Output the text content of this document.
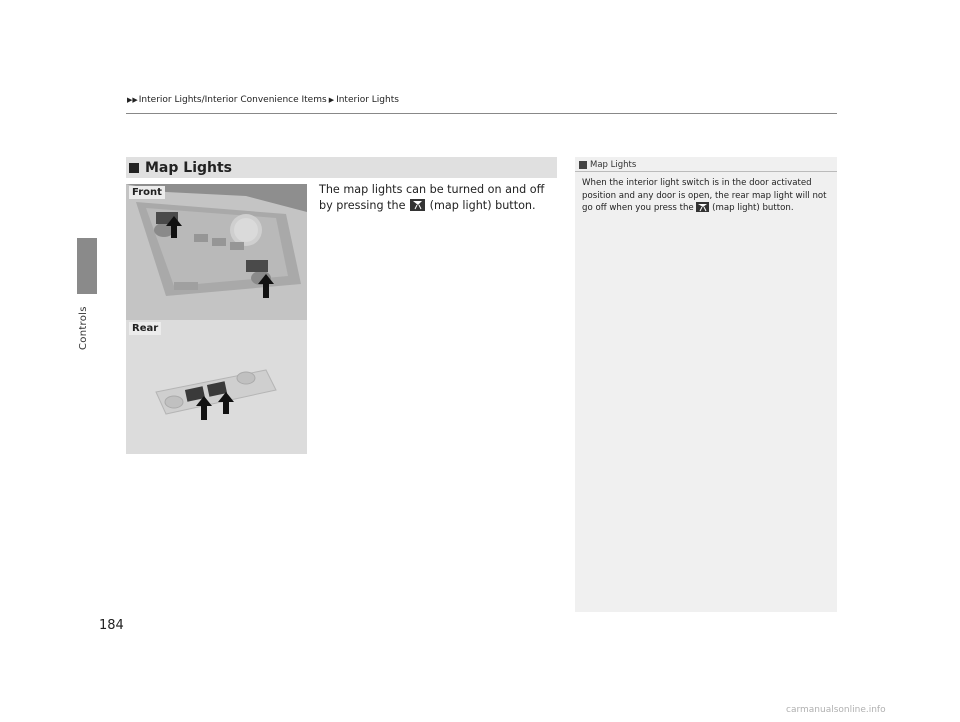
Controls
▶▶ Interior Lights/Interior Convenience Items ▶ Interior Lights
Map Lights
The map lights can be turned on and off by pressing the (map light) button.
Front
Rear
Map Lights
When the interior light switch is in the door activated position and any door is open, the rear map light will not go off when you press the (map light) button.
184
carmanualsonline.info
